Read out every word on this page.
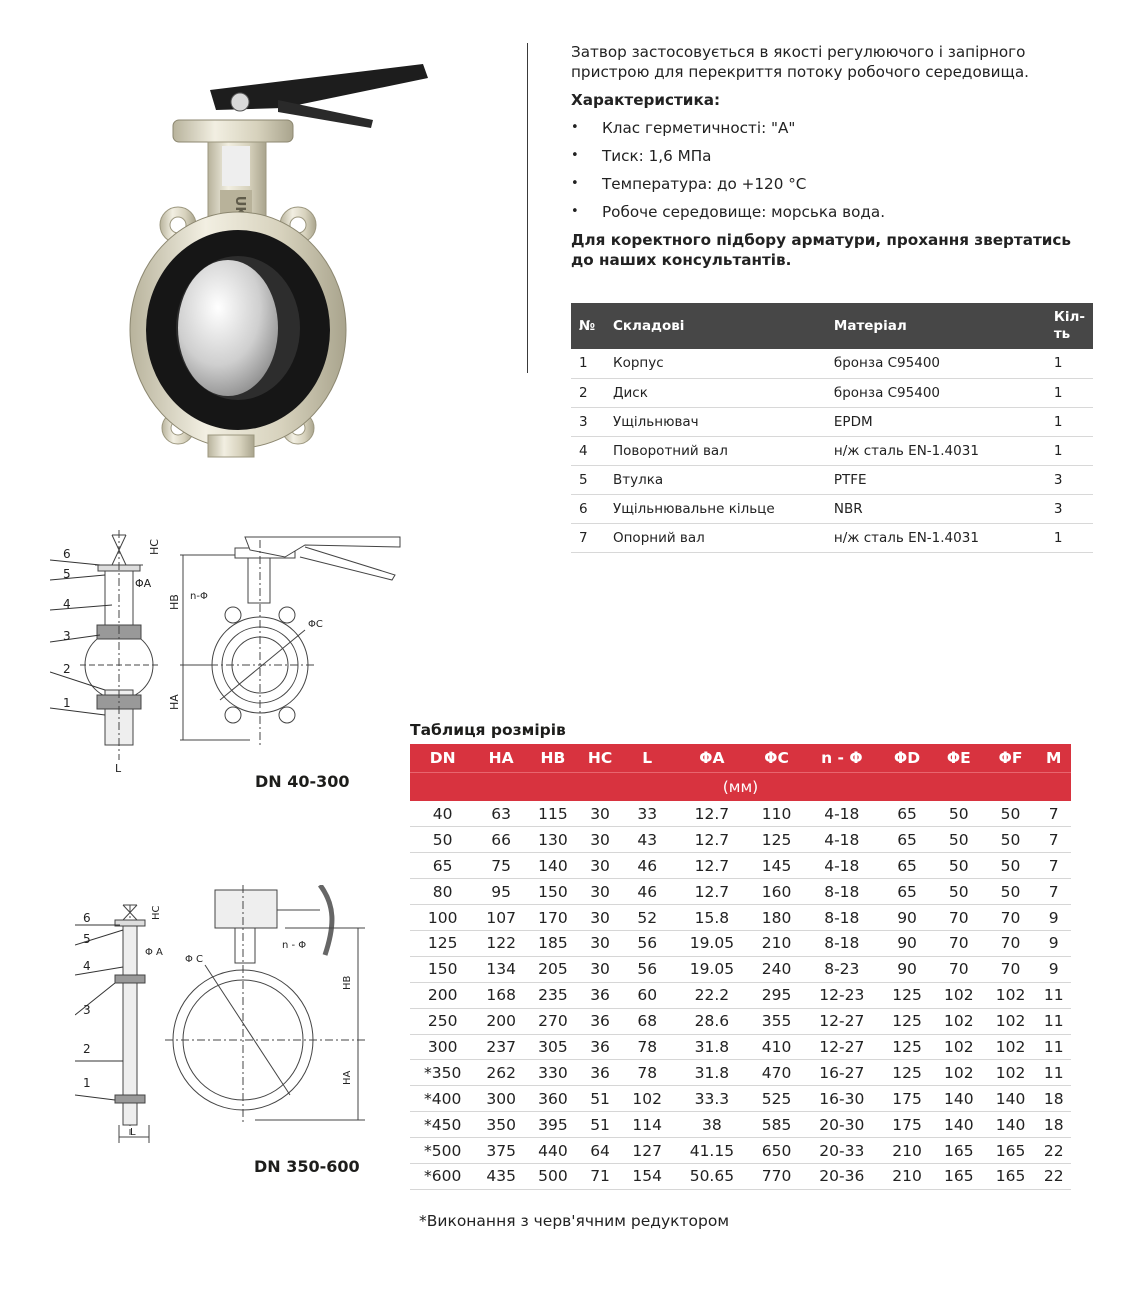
Затвор застосовується в якості регулюючого і запірного пристрою для перекриття потоку робочого середовища.

Характеристика:

• Клас герметичності: "A"
• Тиск: 1,6 МПа
• Температура: до +120 °C
• Робоче середовище: морська вода.

Для коректного підбору арматури, прохання звертатись до наших консультантів.

№	Складові	Матеріал	Кіл-ть
1	Корпус	бронза C95400	1
2	Диск	бронза C95400	1
3	Ущільнювач	EPDM	1
4	Поворотний вал	н/ж сталь EN-1.4031	1
5	Втулка	PTFE	3
6	Ущільнювальне кільце	NBR	3
7	Опорний вал	н/ж сталь EN-1.4031	1
6
5
4
3
2
1
ΦA
HC
L
HB
HA
n-Φ
ΦC
DN 40-300
6
5
4
3
2
1
Φ A
HC
L
Φ C
n - Φ
HB
HA
DN 350-600
Таблиця розмірів
DN	HA	HB	HC	L	ΦA	ΦC	n - Φ	ΦD	ΦE	ΦF	M
(мм)											
40	63	115	30	33	12.7	110	4-18	65	50	50	7
50	66	130	30	43	12.7	125	4-18	65	50	50	7
65	75	140	30	46	12.7	145	4-18	65	50	50	7
80	95	150	30	46	12.7	160	8-18	65	50	50	7
100	107	170	30	52	15.8	180	8-18	90	70	70	9
125	122	185	30	56	19.05	210	8-18	90	70	70	9
150	134	205	30	56	19.05	240	8-23	90	70	70	9
200	168	235	36	60	22.2	295	12-23	125	102	102	11
250	200	270	36	68	28.6	355	12-27	125	102	102	11
300	237	305	36	78	31.8	410	12-27	125	102	102	11
*350	262	330	36	78	31.8	470	16-27	125	102	102	11
*400	300	360	51	102	33.3	525	16-30	175	140	140	18
*450	350	395	51	114	38	585	20-30	175	140	140	18
*500	375	440	64	127	41.15	650	20-33	210	165	165	22
*600	435	500	71	154	50.65	770	20-36	210	165	165	22
*Виконання з черв'ячним редуктором
